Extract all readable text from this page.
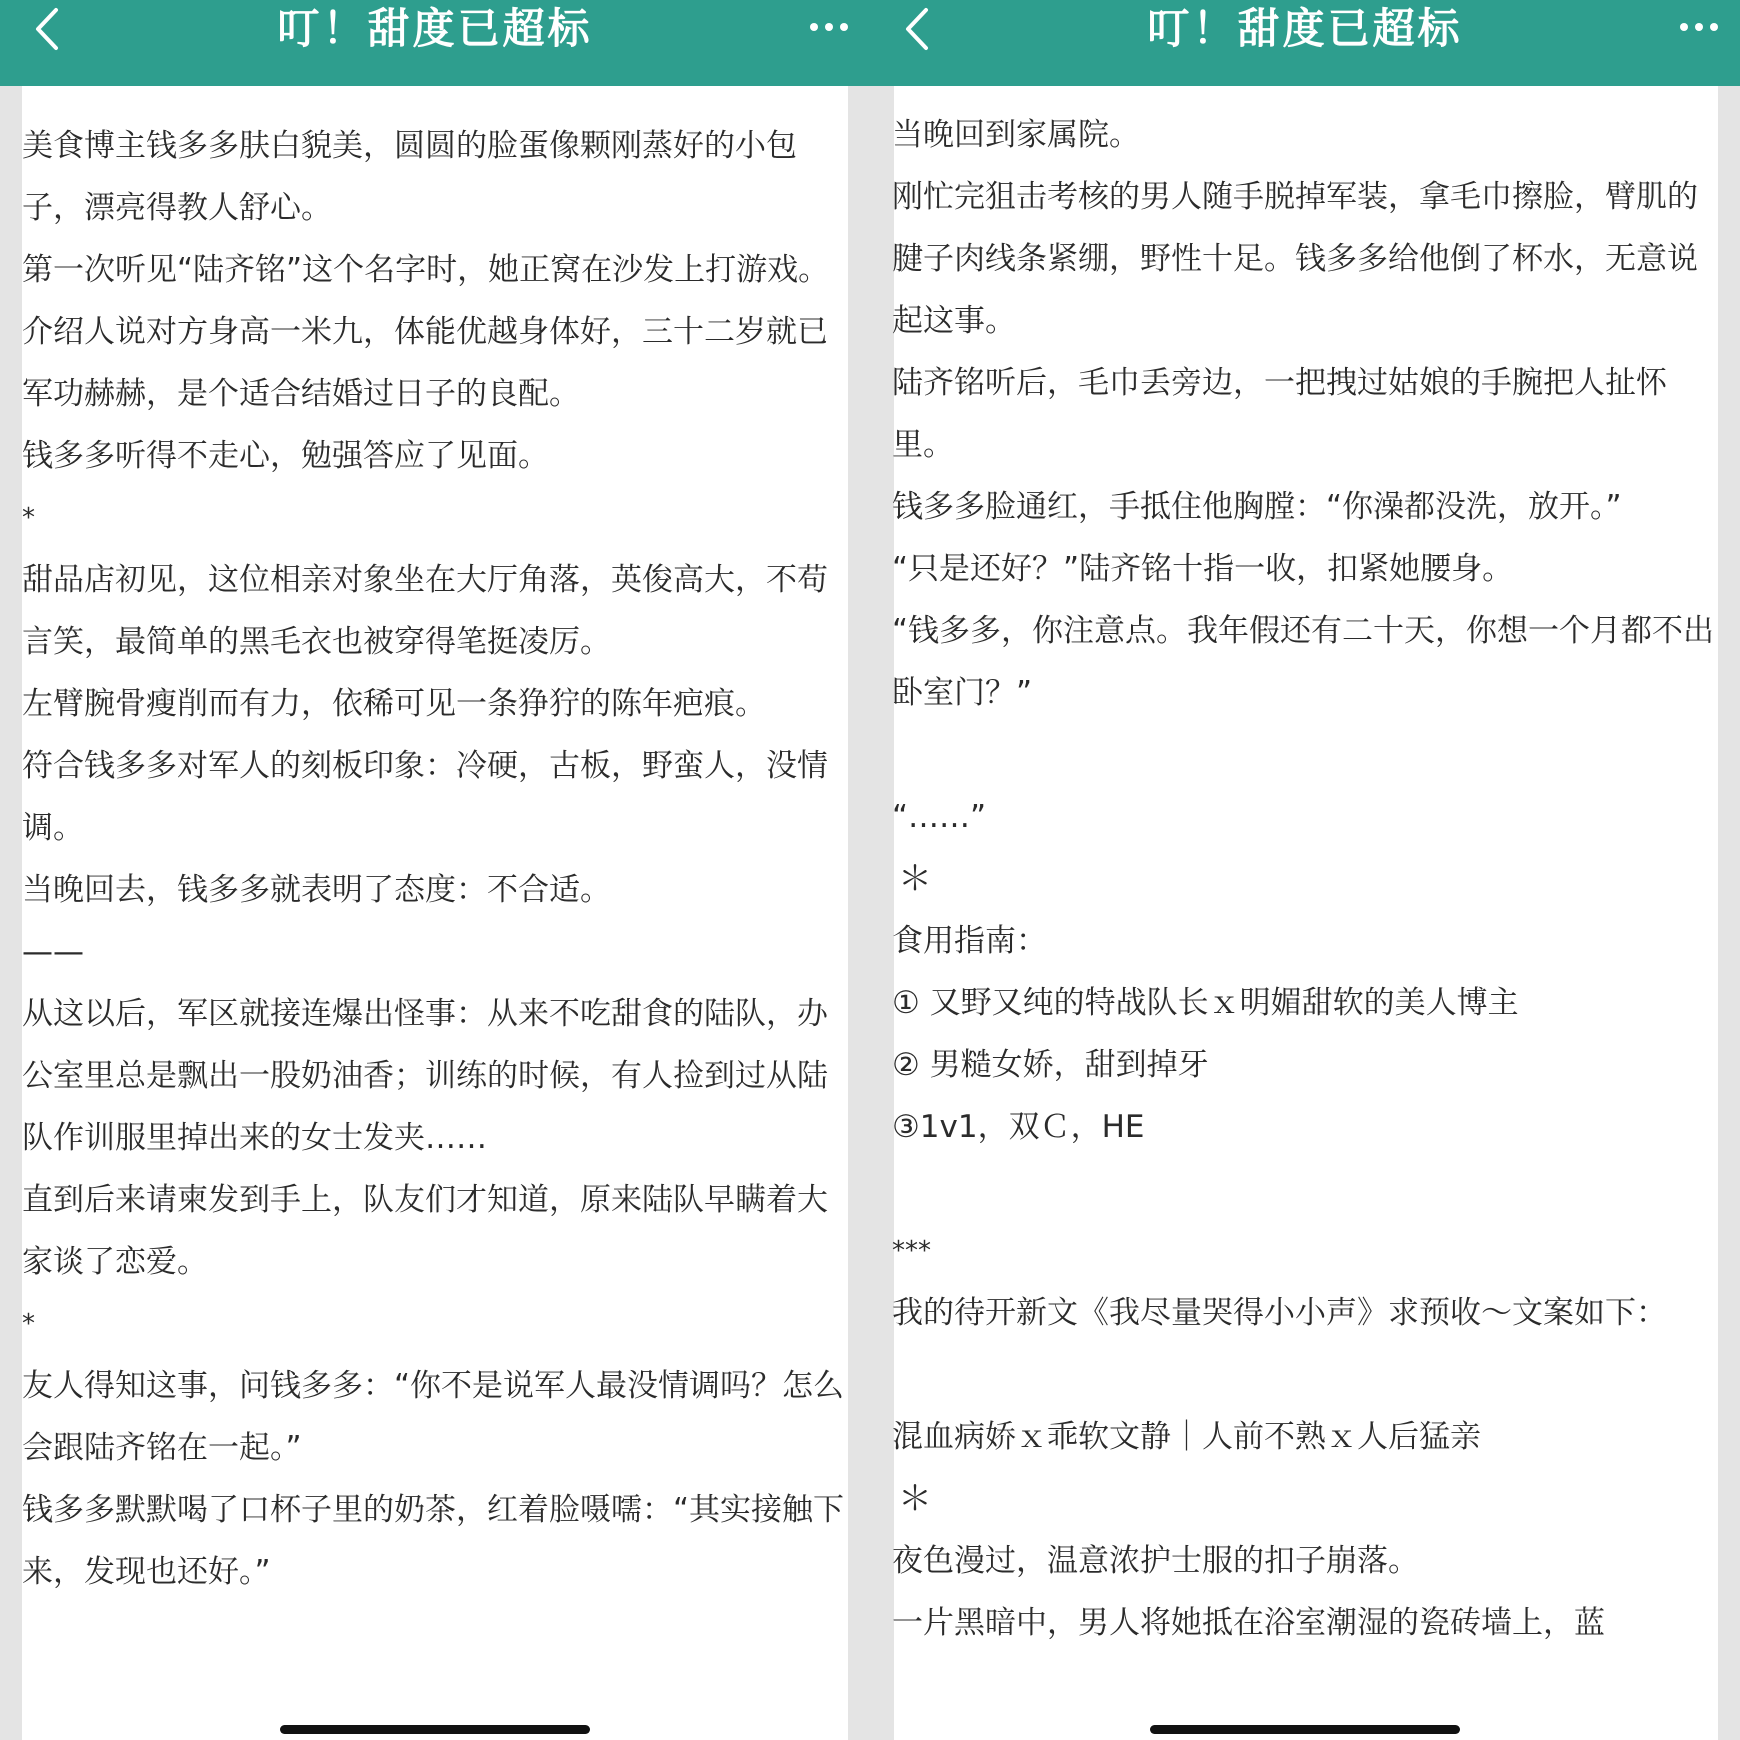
叮！甜度已超标

美食博主钱多多肤白貌美，圆圆的脸蛋像颗刚蒸好的小包子，漂亮得教人舒心。

第一次听见“陆齐铭”这个名字时，她正窝在沙发上打游戏。

介绍人说对方身高一米九，体能优越身体好，三十二岁就已军功赫赫，是个适合结婚过日子的良配。

钱多多听得不走心，勉强答应了见面。

*

甜品店初见，这位相亲对象坐在大厅角落，英俊高大，不苟言笑，最简单的黑毛衣也被穿得笔挺凌厉。

左臂腕骨瘦削而有力，依稀可见一条狰狞的陈年疤痕。

符合钱多多对军人的刻板印象：冷硬，古板，野蛮人，没情调。

当晚回去，钱多多就表明了态度：不合适。

——

从这以后，军区就接连爆出怪事：从来不吃甜食的陆队，办公室里总是飘出一股奶油香；训练的时候，有人捡到过从陆队作训服里掉出来的女士发夹……

直到后来请柬发到手上，队友们才知道，原来陆队早瞒着大家谈了恋爱。

*

友人得知这事，问钱多多：“你不是说军人最没情调吗？怎么会跟陆齐铭在一起。”

钱多多默默喝了口杯子里的奶茶，红着脸嗫嚅：“其实接触下来，发现也还好。”

叮！甜度已超标

当晚回到家属院。

刚忙完狙击考核的男人随手脱掉军装，拿毛巾擦脸，臂肌的腱子肉线条紧绷，野性十足。钱多多给他倒了杯水，无意说起这事。

陆齐铭听后，毛巾丢旁边，一把拽过姑娘的手腕把人扯怀里。

钱多多脸通红，手抵住他胸膛：“你澡都没洗，放开。”

“只是还好？”陆齐铭十指一收，扣紧她腰身。

“钱多多，你注意点。我年假还有二十天，你想一个月都不出卧室门？”

“……”

＊

食用指南：

① 又野又纯的特战队长ｘ明媚甜软的美人博主

② 男糙女娇，甜到掉牙

③1v1，双Ｃ，HE

***

我的待开新文《我尽量哭得小小声》求预收～文案如下：

混血病娇ｘ乖软文静｜人前不熟ｘ人后猛亲

＊

夜色漫过，温意浓护士服的扣子崩落。

一片黑暗中，男人将她抵在浴室潮湿的瓷砖墙上，蓝
